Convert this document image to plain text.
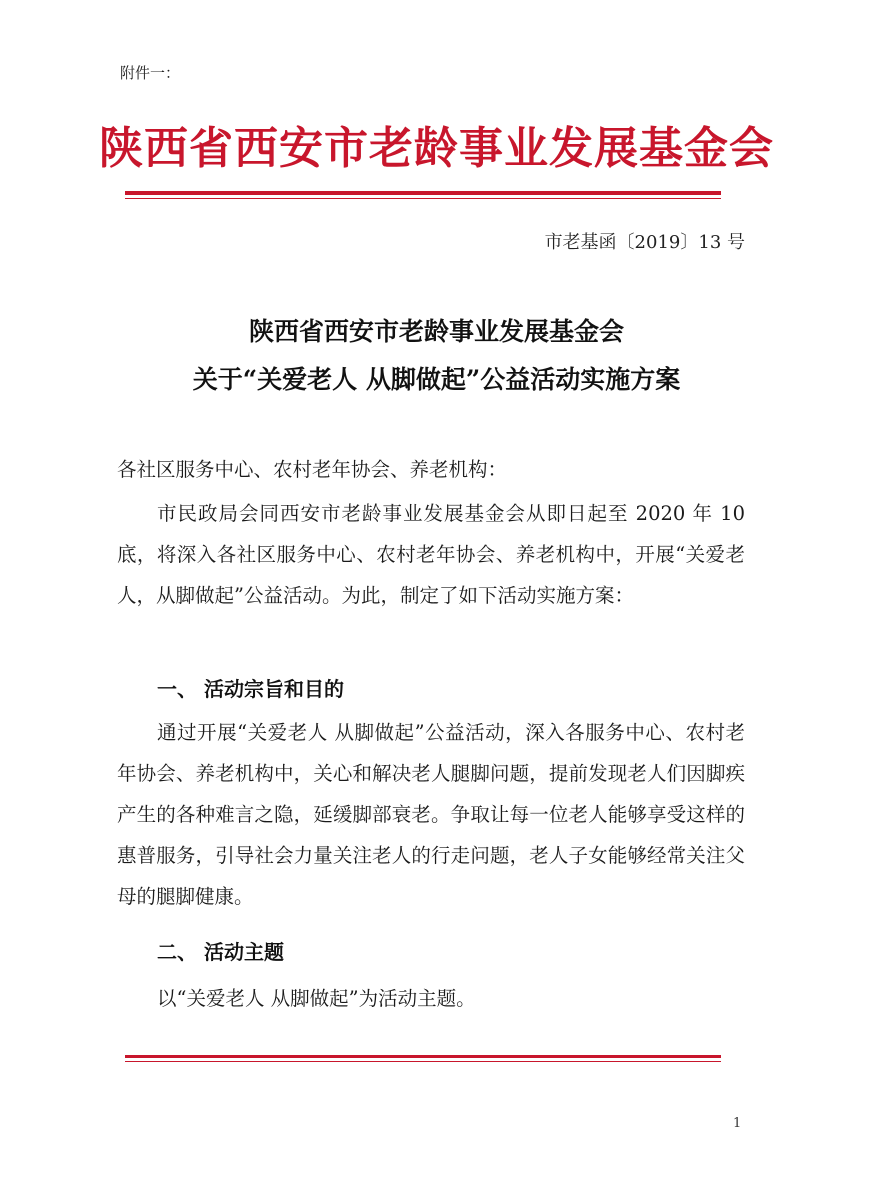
附件一：
陕西省西安市老龄事业发展基金会
市老基函〔2019〕13 号
陕西省西安市老龄事业发展基金会
关于“关爱老人 从脚做起”公益活动实施方案
各社区服务中心、农村老年协会、养老机构：
市民政局会同西安市老龄事业发展基金会从即日起至 2020 年 10 底，将深入各社区服务中心、农村老年协会、养老机构中，开展“关爱老人，从脚做起”公益活动。为此，制定了如下活动实施方案：
一、 活动宗旨和目的
通过开展“关爱老人 从脚做起”公益活动，深入各服务中心、农村老年协会、养老机构中，关心和解决老人腿脚问题，提前发现老人们因脚疾产生的各种难言之隐，延缓脚部衰老。争取让每一位老人能够享受这样的惠普服务，引导社会力量关注老人的行走问题，老人子女能够经常关注父母的腿脚健康。
二、 活动主题
以“关爱老人 从脚做起”为活动主题。
1
